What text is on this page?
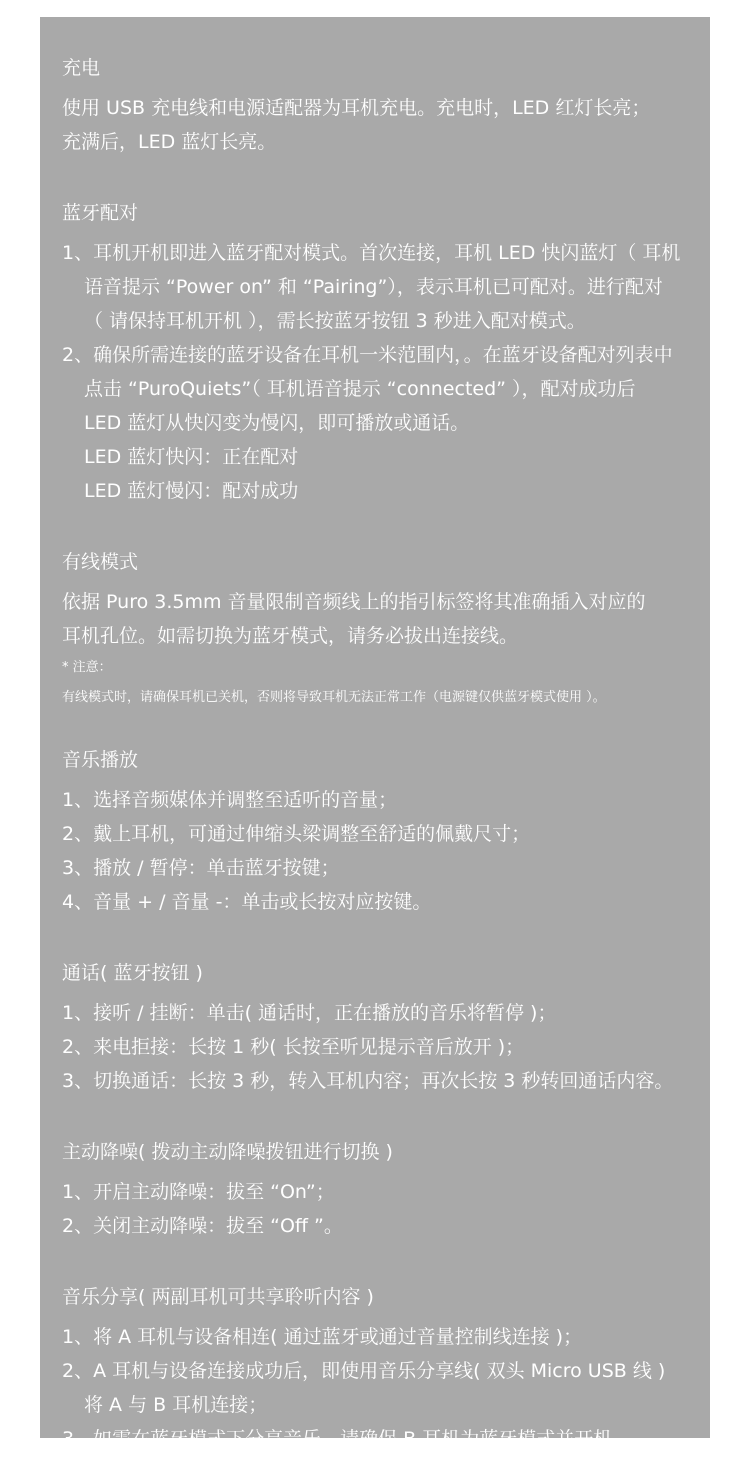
充电
使用 USB 充电线和电源适配器为耳机充电。充电时，LED 红灯长亮；
充满后，LED 蓝灯长亮。
蓝牙配对
1、耳机开机即进入蓝牙配对模式。首次连接，耳机 LED 快闪蓝灯（ 耳机
语音提示 “Power on” 和 “Pairing”），表示耳机已可配对。进行配对
（ 请保持耳机开机 ），需长按蓝牙按钮 3 秒进入配对模式。
2、确保所需连接的蓝牙设备在耳机一米范围内，。在蓝牙设备配对列表中
点击 “PuroQuiets”（ 耳机语音提示 “connected” ），配对成功后
LED 蓝灯从快闪变为慢闪，即可播放或通话。
LED 蓝灯快闪：正在配对
LED 蓝灯慢闪：配对成功
有线模式
依据 Puro 3.5mm 音量限制音频线上的指引标签将其准确插入对应的
耳机孔位。如需切换为蓝牙模式，请务必拔出连接线。
* 注意：
有线模式时，请确保耳机已关机，否则将导致耳机无法正常工作（电源键仅供蓝牙模式使用 ）。
音乐播放
1、选择音频媒体并调整至适听的音量；
2、戴上耳机，可通过伸缩头梁调整至舒适的佩戴尺寸；
3、播放 / 暂停：单击蓝牙按键；
4、音量 + / 音量 -：单击或长按对应按键。
通话( 蓝牙按钮 )
1、接听 / 挂断：单击( 通话时，正在播放的音乐将暂停 )；
2、来电拒接：长按 1 秒( 长按至听见提示音后放开 )；
3、切换通话：长按 3 秒，转入耳机内容；再次长按 3 秒转回通话内容。
主动降噪( 拨动主动降噪拨钮进行切换 )
1、开启主动降噪：拔至 “On”；
2、关闭主动降噪：拔至 “Off ”。
音乐分享( 两副耳机可共享聆听内容 )
1、将 A 耳机与设备相连( 通过蓝牙或通过音量控制线连接 )；
2、A 耳机与设备连接成功后，即使用音乐分享线( 双头 Micro USB 线 )
将 A 与 B 耳机连接；
3、如需在蓝牙模式下分享音乐，请确保 B 耳机为蓝牙模式并开机。
